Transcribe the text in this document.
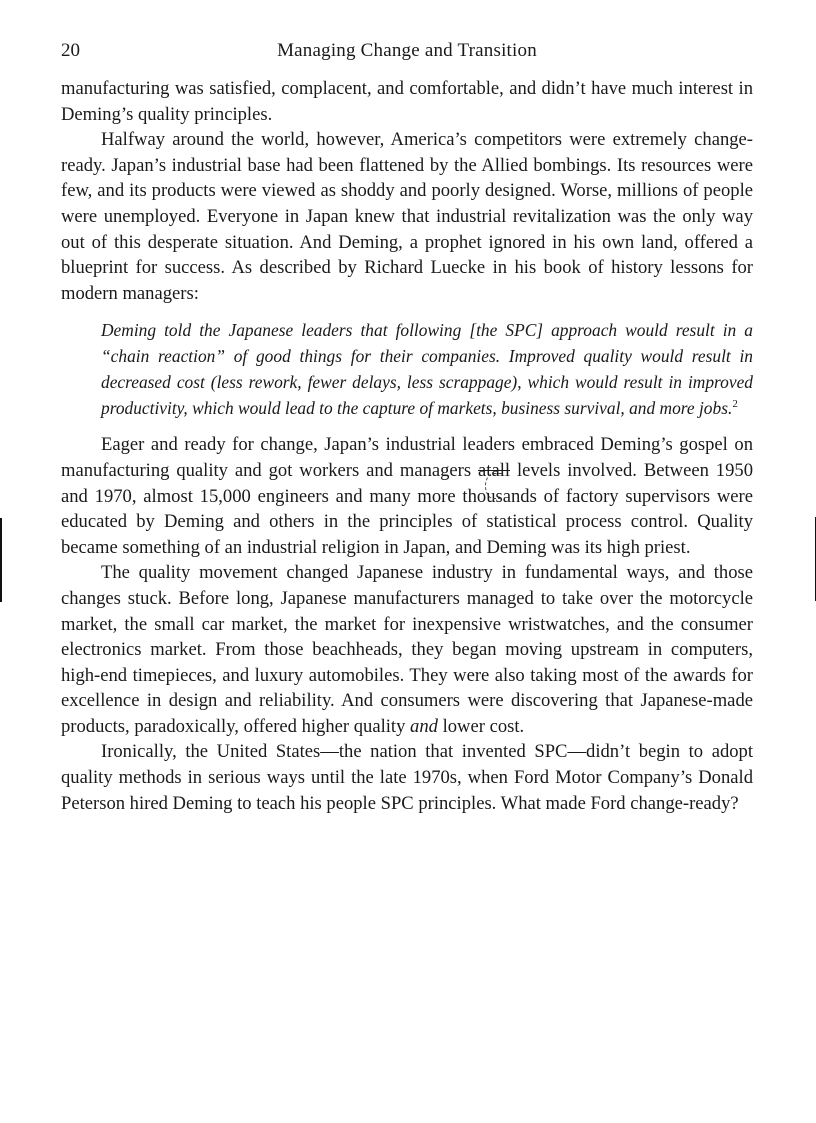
20	Managing Change and Transition

manufacturing was satisfied, complacent, and comfortable, and didn’t have much interest in Deming’s quality principles.

Halfway around the world, however, America’s competitors were extremely change-ready. Japan’s industrial base had been flattened by the Allied bombings. Its resources were few, and its products were viewed as shoddy and poorly designed. Worse, millions of people were unemployed. Everyone in Japan knew that industrial revitalization was the only way out of this desperate situation. And Deming, a prophet ignored in his own land, offered a blueprint for success. As described by Richard Luecke in his book of history lessons for modern managers:

Deming told the Japanese leaders that following [the SPC] approach would result in a “chain reaction” of good things for their companies. Improved quality would result in decreased cost (less rework, fewer delays, less scrappage), which would result in improved productivity, which would lead to the capture of markets, business survival, and more jobs.$^2$

Eager and ready for change, Japan’s industrial leaders embraced Deming’s gospel on manufacturing quality and got workers and managers atall levels involved. Between 1950 and 1970, almost 15,000 engineers and many more thousands of factory supervisors were educated by Deming and others in the principles of statistical process control. Quality became something of an industrial religion in Japan, and Deming was its high priest.

The quality movement changed Japanese industry in fundamental ways, and those changes stuck. Before long, Japanese manufacturers managed to take over the motorcycle market, the small car market, the market for inexpensive wristwatches, and the consumer electronics market. From those beachheads, they began moving upstream in computers, high-end timepieces, and luxury automobiles. They were also taking most of the awards for excellence in design and reliability. And consumers were discovering that Japanese-made products, paradoxically, offered higher quality and lower cost.

Ironically, the United States—the nation that invented SPC—didn’t begin to adopt quality methods in serious ways until the late 1970s, when Ford Motor Company’s Donald Peterson hired Deming to teach his people SPC principles. What made Ford change-ready?
